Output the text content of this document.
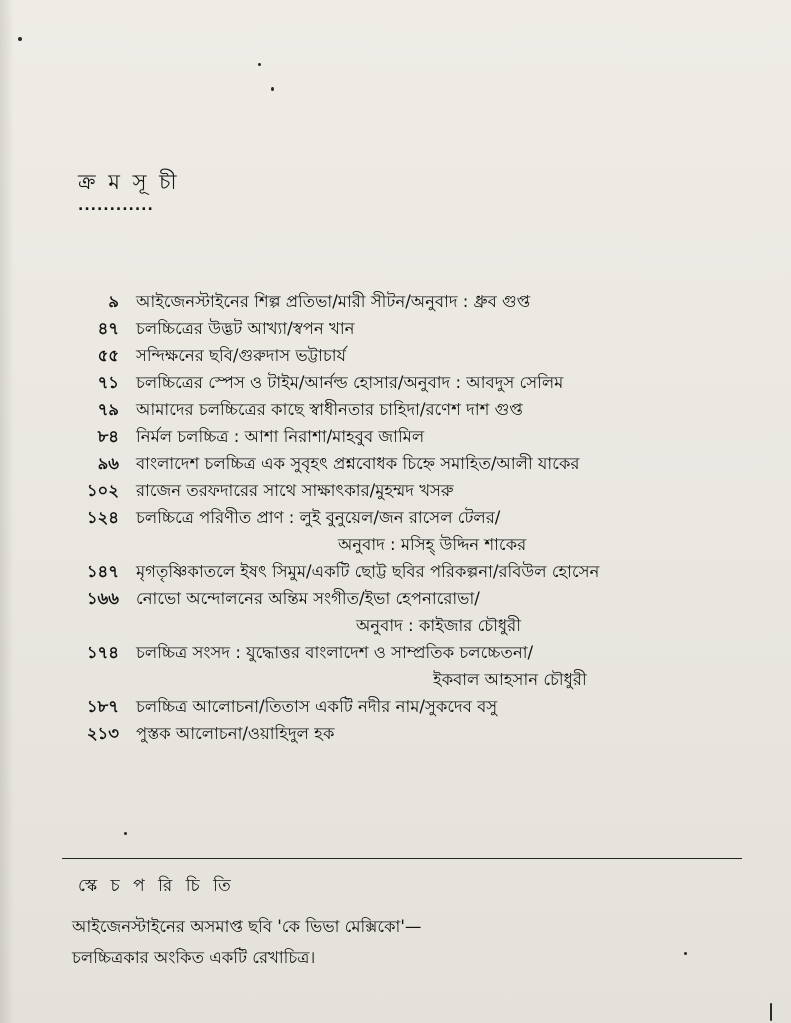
ক্র ম সূ চী
............
৯ আইজেনস্টাইনের শিল্প প্রতিভা/মারী সীটন/অনুবাদ : ধ্রুব গুপ্ত
৪৭ চলচ্চিত্রের উদ্ভট আখ্যা/স্বপন খান
৫৫ সন্দিক্ষনের ছবি/গুরুদাস ভট্টাচার্য
৭১ চলচ্চিত্রের স্পেস ও টাইম/আর্নল্ড হোসার/অনুবাদ : আবদুস সেলিম
৭৯ আমাদের চলচ্চিত্রের কাছে স্বাধীনতার চাহিদা/রণেশ দাশ গুপ্ত
৮৪ নির্মল চলচ্চিত্র : আশা নিরাশা/মাহবুব জামিল
৯৬ বাংলাদেশ চলচ্চিত্র এক সুবৃহৎ প্রশ্নবোধক চিহ্নে সমাহিত/আলী যাকের
১০২ রাজেন তরফদারের সাথে সাক্ষাৎকার/মুহম্মদ খসরু
১২৪ চলচ্চিত্রে পরিণীত প্রাণ : লুই বুনুয়েল/জন রাসেল টেলর/
অনুবাদ : মসিহ্ উদ্দিন শাকের
১৪৭ মৃগতৃষ্ণিকাতলে ইষৎ সিমুম/একটি ছোট্ট ছবির পরিকল্পনা/রবিউল হোসেন
১৬৬ নোভো অন্দোলনের অন্তিম সংগীত/ইভা হেপনারোভা/
অনুবাদ : কাইজার চৌধুরী
১৭৪ চলচ্চিত্র সংসদ : যুদ্ধোত্তর বাংলাদেশ ও সাম্প্রতিক চলচ্চেতনা/
ইকবাল আহসান চৌধুরী
১৮৭ চলচ্চিত্র আলোচনা/তিতাস একটি নদীর নাম/সুকদেব বসু
২১৩ পুস্তক আলোচনা/ওয়াহিদুল হক
স্কে চ প রি চি তি
আইজেনস্টাইনের অসমাপ্ত ছবি 'কে ভিভা মেক্সিকো'—
চলচ্চিত্রকার অংকিত একটি রেখাচিত্র।
